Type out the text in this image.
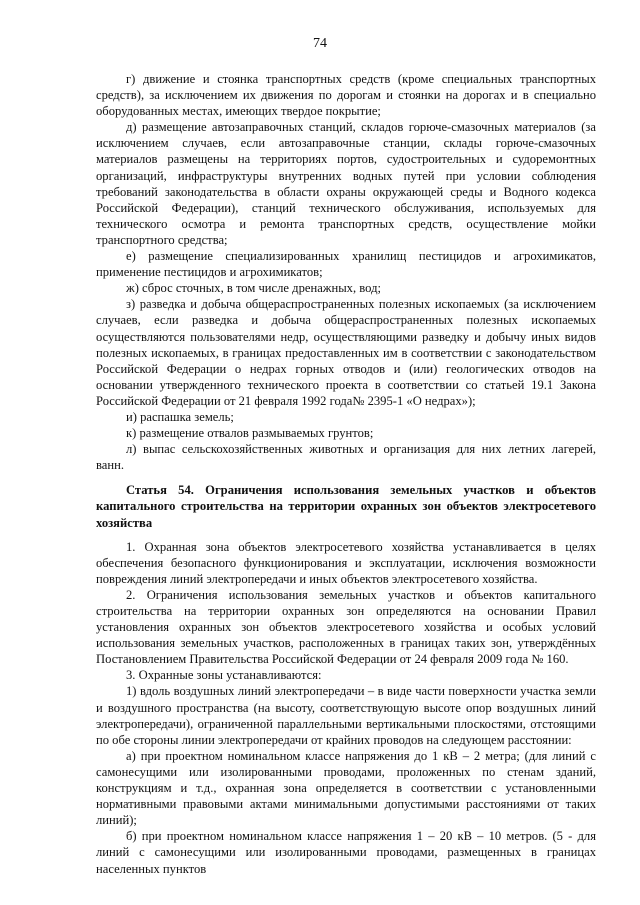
74

г) движение и стоянка транспортных средств (кроме специальных транспортных средств), за исключением их движения по дорогам и стоянки на дорогах и в специально оборудованных местах, имеющих твердое покрытие;

д) размещение автозаправочных станций, складов горюче-смазочных материалов (за исключением случаев, если автозаправочные станции, склады горюче-смазочных материалов размещены на территориях портов, судостроительных и судоремонтных организаций, инфраструктуры внутренних водных путей при условии соблюдения требований законодательства в области охраны окружающей среды и Водного кодекса Российской Федерации), станций технического обслуживания, используемых для технического осмотра и ремонта транспортных средств, осуществление мойки транспортного средства;

е) размещение специализированных хранилищ пестицидов и агрохимикатов, применение пестицидов и агрохимикатов;

ж) сброс сточных, в том числе дренажных, вод;

з) разведка и добыча общераспространенных полезных ископаемых (за исключением случаев, если разведка и добыча общераспространенных полезных ископаемых осуществляются пользователями недр, осуществляющими разведку и добычу иных видов полезных ископаемых, в границах предоставленных им в соответствии с законодательством Российской Федерации о недрах горных отводов и (или) геологических отводов на основании утвержденного технического проекта в соответствии со статьей 19.1 Закона Российской Федерации от 21 февраля 1992 года№ 2395-1 «О недрах»);

и) распашка земель;

к) размещение отвалов размываемых грунтов;

л) выпас сельскохозяйственных животных и организация для них летних лагерей, ванн.

Статья 54. Ограничения использования земельных участков и объектов капитального строительства на территории охранных зон объектов электросетевого хозяйства

1. Охранная зона объектов электросетевого хозяйства устанавливается в целях обеспечения безопасного функционирования и эксплуатации, исключения возможности повреждения линий электропередачи и иных объектов электросетевого хозяйства.

2. Ограничения использования земельных участков и объектов капитального строительства на территории охранных зон определяются на основании Правил установления охранных зон объектов электросетевого хозяйства и особых условий использования земельных участков, расположенных в границах таких зон, утверждённых Постановлением Правительства Российской Федерации от 24 февраля 2009 года № 160.

3. Охранные зоны устанавливаются:

1) вдоль воздушных линий электропередачи – в виде части поверхности участка земли и воздушного пространства (на высоту, соответствующую высоте опор воздушных линий электропередачи), ограниченной параллельными вертикальными плоскостями, отстоящими по обе стороны линии электропередачи от крайних проводов на следующем расстоянии:

а) при проектном номинальном классе напряжения до 1 кВ – 2 метра; (для линий с самонесущими или изолированными проводами, проложенных по стенам зданий, конструкциям и т.д., охранная зона определяется в соответствии с установленными нормативными правовыми актами минимальными допустимыми расстояниями от таких линий);

б) при проектном номинальном классе напряжения 1 – 20 кВ – 10 метров. (5 - для линий с самонесущими или изолированными проводами, размещенных в границах населенных пунктов
